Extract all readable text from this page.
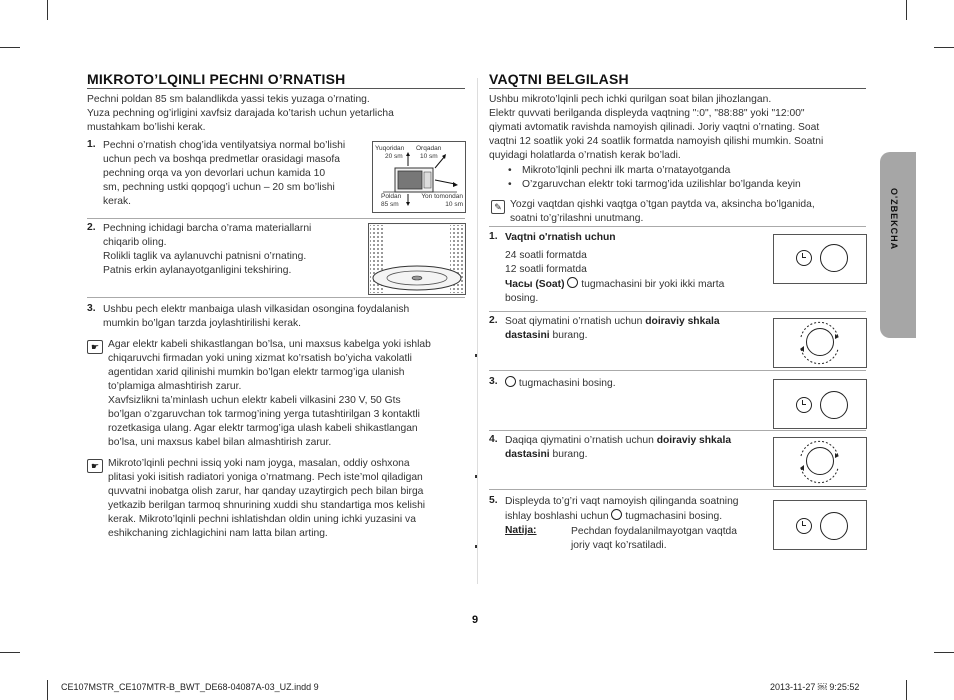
MIKROTO’LQINLI PECHNI O’RNATISH
Pechni poldan 85 sm balandlikda yassi tekis yuzaga o’rnating.
Yuza pechning og’irligini xavfsiz darajada ko’tarish uchun yetarlicha
mustahkam bo’lishi kerak.
1. Pechni o’rnatish chog’ida ventilyatsiya normal bo’lishi
uchun pech va boshqa predmetlar orasidagi masofa
pechning orqa va yon devorlari uchun kamida 10
sm, pechning ustki qopqog’i uchun – 20 sm bo’lishi
kerak.
Yuqoridan
20 sm
Orqadan
10 sm
Poldan
85 sm
Yon tomondan
10 sm
2. Pechning ichidagi barcha o’rama materiallarni
chiqarib oling.
Rolikli taglik va aylanuvchi patnisni o’rnating.
Patnis erkin aylanayotganligini tekshiring.
3. Ushbu pech elektr manbaiga ulash vilkasidan osongina foydalanish
mumkin bo’lgan tarzda joylashtirilishi kerak.
☛ Agar elektr kabeli shikastlangan bo’lsa, uni maxsus kabelga yoki ishlab
chiqaruvchi firmadan yoki uning xizmat ko’rsatish bo’yicha vakolatli
agentidan xarid qilinishi mumkin bo’lgan elektr tarmog’iga ulanish
to’plamiga almashtirish zarur.
Xavfsizlikni ta’minlash uchun elektr kabeli vilkasini 230 V, 50 Gts
bo’lgan o’zgaruvchan tok tarmog’ining yerga tutashtirilgan 3 kontaktli
rozetkasiga ulang. Agar elektr tarmog’iga ulash kabeli shikastlangan
bo’lsa, uni maxsus kabel bilan almashtirish zarur.
☛ Mikroto’lqinli pechni issiq yoki nam joyga, masalan, oddiy oshxona
plitasi yoki isitish radiatori yoniga o’rnatmang. Pech iste’mol qiladigan
quvvatni inobatga olish zarur, har qanday uzaytirgich pech bilan birga
yetkazib berilgan tarmoq shnurining xuddi shu standartiga mos kelishi
kerak. Mikroto’lqinli pechni ishlatishdan oldin uning ichki yuzasini va
eshikchaning zichlagichini nam latta bilan arting.
VAQTNI BELGILASH
Ushbu mikroto’lqinli pech ichki qurilgan soat bilan jihozlangan.
Elektr quvvati berilganda displeyda vaqtning ":0", "88:88" yoki "12:00"
qiymati avtomatik ravishda namoyish qilinadi. Joriy vaqtni o’rnating. Soat
vaqtni 12 soatlik yoki 24 soatlik formatda namoyish qilishi mumkin. Soatni
quyidagi holatlarda o’rnatish kerak bo’ladi.
• Mikroto’lqinli pechni ilk marta o’rnatayotganda
• O’zgaruvchan elektr toki tarmog’ida uzilishlar bo’lganda keyin
✎ Yozgi vaqtdan qishki vaqtga o’tgan paytda va, aksincha bo’lganida,
soatni to’g’rilashni unutmang.
1. Vaqtni o'rnatish uchun
24 soatli formatda
12 soatli formatda
Часы (Soat) tugmachasini bir yoki ikki marta
bosing.
2. Soat qiymatini o’rnatish uchun doiraviy shkala
dastasini burang.
3.	tugmachasini bosing.
4. Daqiqa qiymatini o’rnatish uchun doiraviy shkala
dastasini burang.
5. Displeyda to’g’ri vaqt namoyish qilinganda soatning
ishlay boshlashi uchun tugmachasini bosing.
Natija:	Pechdan foydalanilmayotgan vaqtda
joriy vaqt ko’rsatiladi.
O'ZBEKCHA
9
CE107MSTR_CE107MTR-B_BWT_DE68-04087A-03_UZ.indd 9	2013-11-27 ￼ 9:25:52
